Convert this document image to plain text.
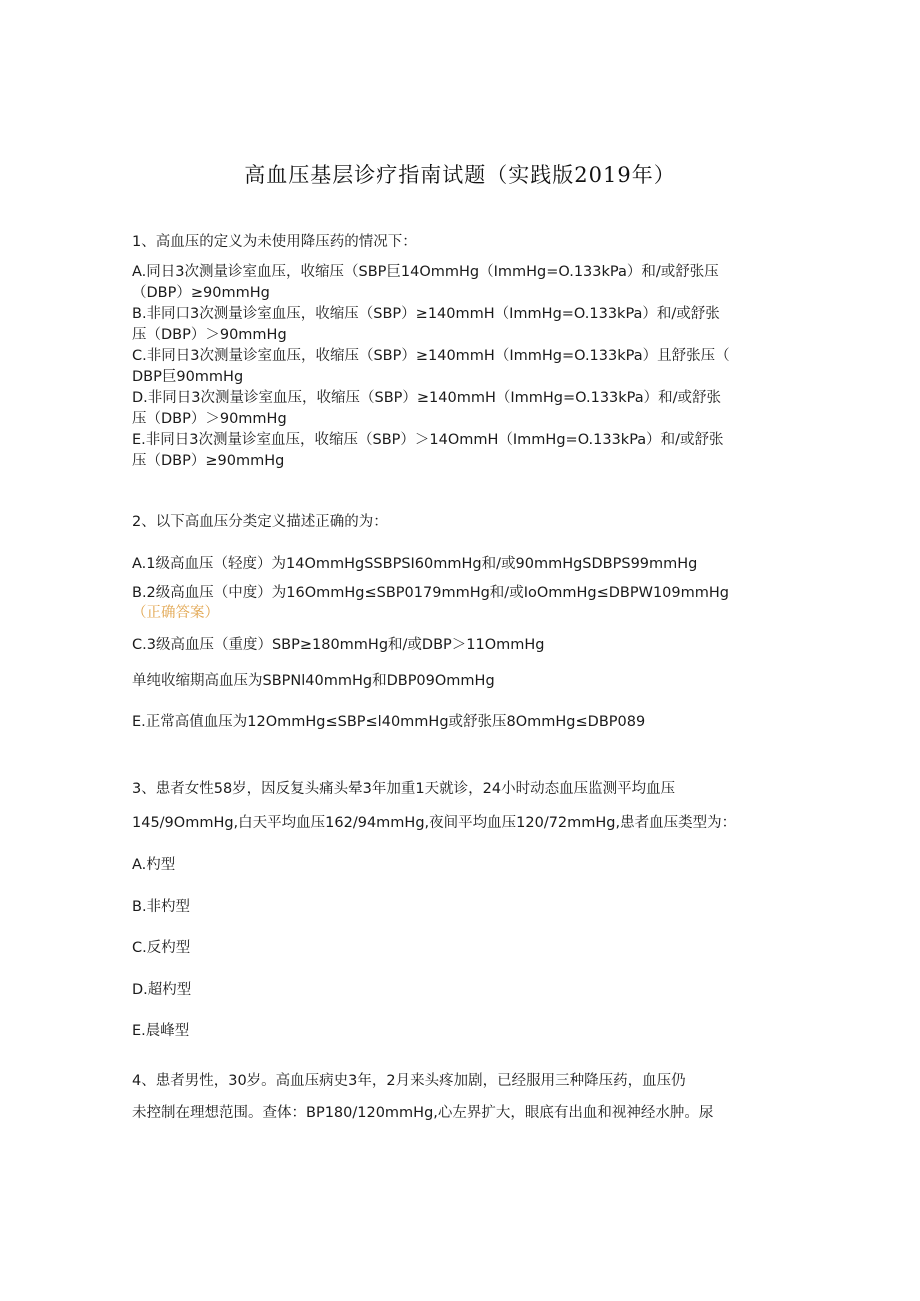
高血压基层诊疗指南试题（实践版2019年）
1、高血压的定义为未使用降压药的情况下：
A.同日3次测量诊室血压，收缩压（SBP巨14OmmHg（ImmHg=O.133kPa）和/或舒张压
（DBP）≥90mmHg
B.非同口3次测量诊室血压，收缩压（SBP）≥140mmH（ImmHg=O.133kPa）和/或舒张
压（DBP）＞90mmHg
C.非同日3次测量诊室血压，收缩压（SBP）≥140mmH（ImmHg=O.133kPa）且舒张压（
DBP巨90mmHg
D.非同日3次测量诊室血压，收缩压（SBP）≥140mmH（ImmHg=O.133kPa）和/或舒张
压（DBP）＞90mmHg
E.非同日3次测量诊室血压，收缩压（SBP）＞14OmmH（ImmHg=O.133kPa）和/或舒张
压（DBP）≥90mmHg
2、以下高血压分类定义描述正确的为：
A.1级高血压（轻度）为14OmmHgSSBPSI60mmHg和/或90mmHgSDBPS99mmHg
B.2级高血压（中度）为16OmmHg≤SBP0179mmHg和/或IoOmmHg≤DBPW109mmHg
（正确答案）
C.3级高血压（重度）SBP≥180mmHg和/或DBP＞11OmmHg
单纯收缩期高血压为SBPNl40mmHg和DBP09OmmHg
E.正常高值血压为12OmmHg≤SBP≤l40mmHg或舒张压8OmmHg≤DBP089
3、患者女性58岁，因反复头痛头晕3年加重1天就诊，24小时动态血压监测平均血压
145/9OmmHg,白天平均血压162∕94mmHg,夜间平均血压120∕72mmHg,患者血压类型为：
A.杓型
B.非杓型
C.反杓型
D.超杓型
E.晨峰型
4、患者男性，30岁。高血压病史3年，2月来头疼加剧，已经服用三种降压药，血压仍
未控制在理想范围。查体：BP180∕120mmHg,心左界扩大，眼底有出血和视神经水肿。尿
